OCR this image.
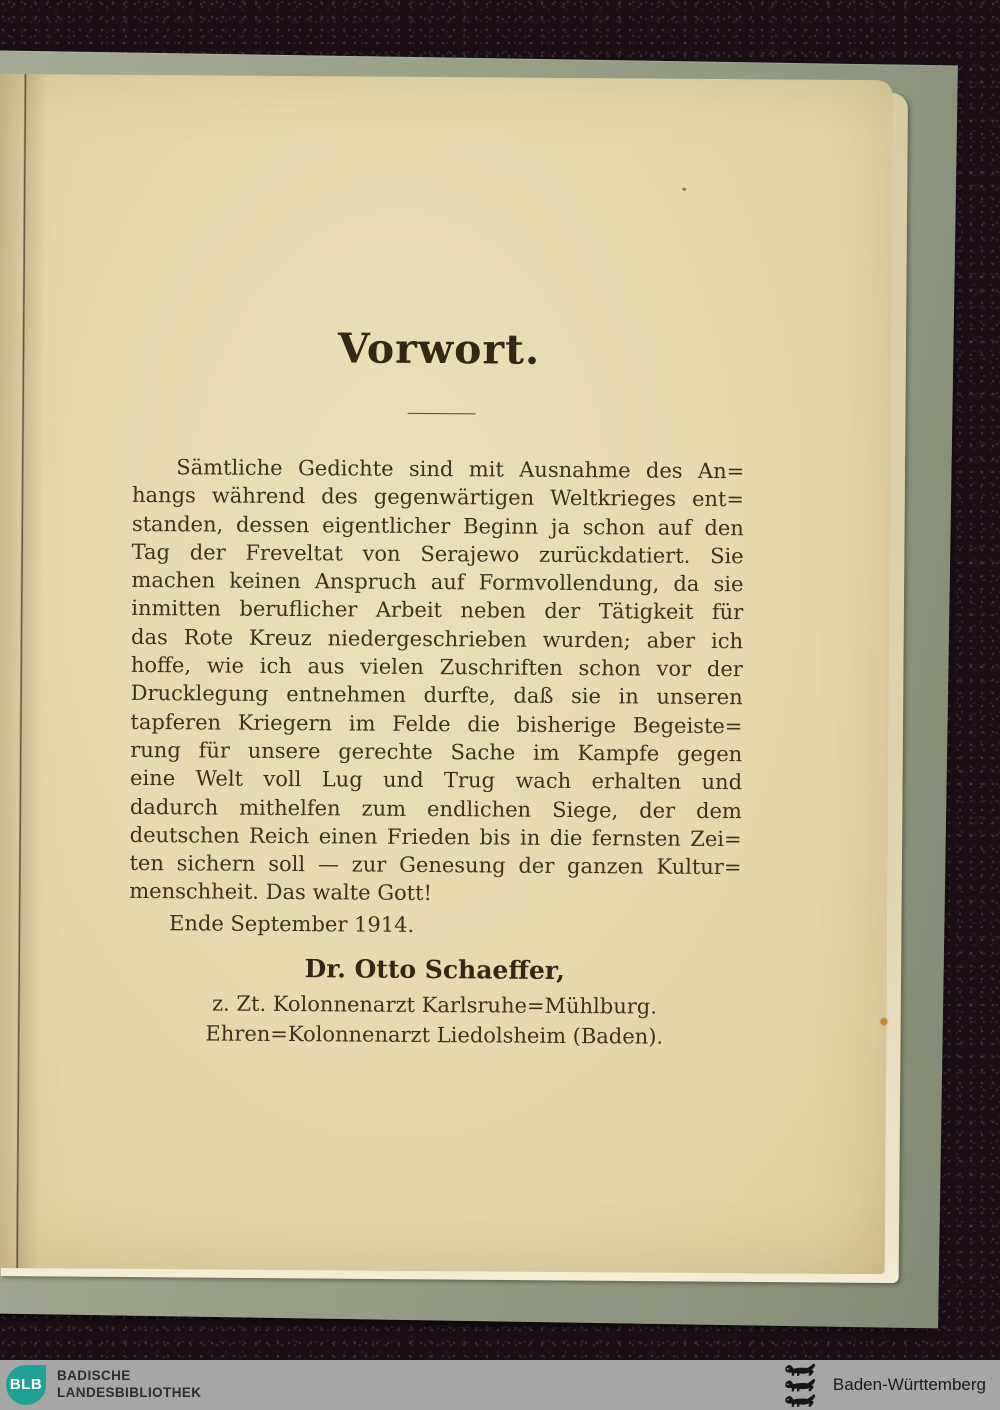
Vorwort.
Sämtliche Gedichte sind mit Ausnahme des An=
hangs während des gegenwärtigen Weltkrieges ent=
standen, dessen eigentlicher Beginn ja schon auf den
Tag der Freveltat von Serajewo zurückdatiert. Sie
machen keinen Anspruch auf Formvollendung, da sie
inmitten beruflicher Arbeit neben der Tätigkeit für
das Rote Kreuz niedergeschrieben wurden; aber ich
hoffe, wie ich aus vielen Zuschriften schon vor der
Drucklegung entnehmen durfte, daß sie in unseren
tapferen Kriegern im Felde die bisherige Begeiste=
rung für unsere gerechte Sache im Kampfe gegen
eine Welt voll Lug und Trug wach erhalten und
dadurch mithelfen zum endlichen Siege, der dem
deutschen Reich einen Frieden bis in die fernsten Zei=
ten sichern soll — zur Genesung der ganzen Kultur=
menschheit. Das walte Gott!
Ende September 1914.
Dr. Otto Schaeffer,
z. Zt. Kolonnenarzt Karlsruhe=Mühlburg.
Ehren=Kolonnenarzt Liedolsheim (Baden).
BLB
BADISCHE
LANDESBIBLIOTHEK	Baden-Württemberg
